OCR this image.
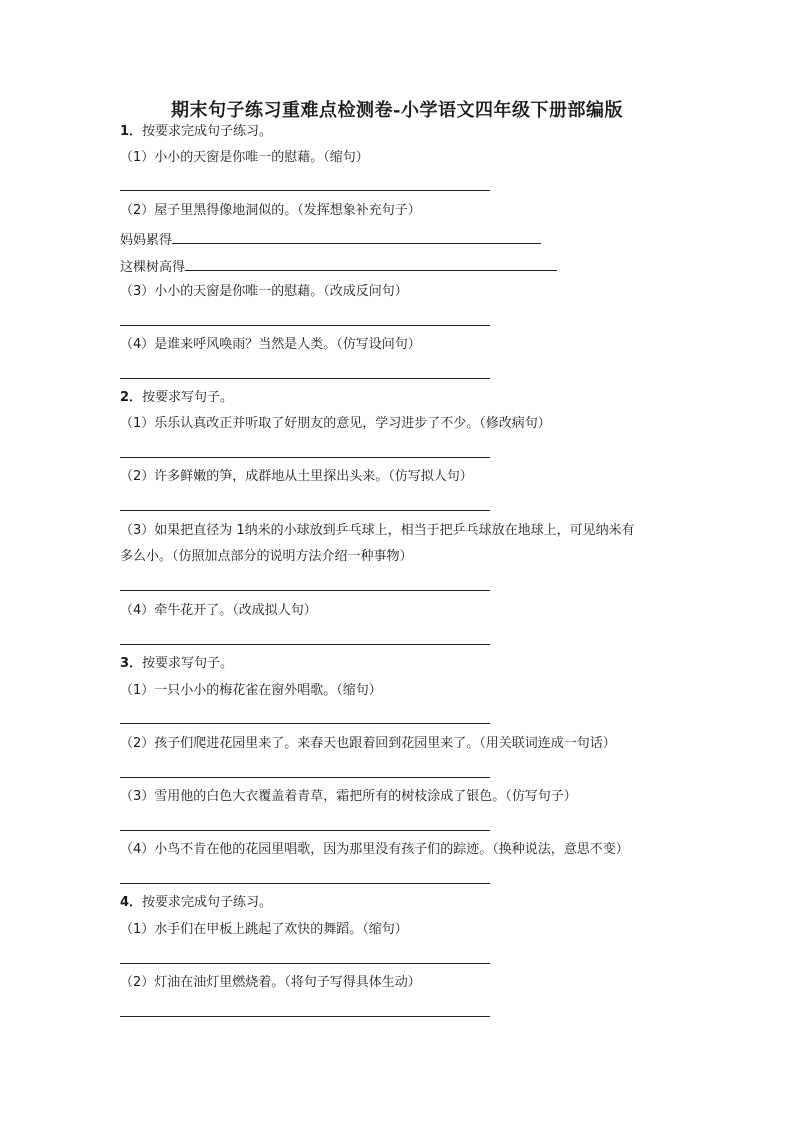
期末句子练习重难点检测卷-小学语文四年级下册部编版
1．按要求完成句子练习。
（1）小小的天窗是你唯一的慰藉。（缩句）
（2）屋子里黑得像地洞似的。（发挥想象补充句子）
妈妈累得
这棵树高得
（3）小小的天窗是你唯一的慰藉。（改成反问句）
（4）是谁来呼风唤雨？当然是人类。（仿写设问句）
2．按要求写句子。
（1）乐乐认真改正并听取了好朋友的意见，学习进步了不少。（修改病句）
（2）许多鲜嫩的笋，成群地从土里探出头来。（仿写拟人句）
（3）如果把直径为 1纳米的小球放到乒乓球上，相当于把乒乓球放在地球上，可见纳米有
多么小。（仿照加点部分的说明方法介绍一种事物）
（4）牵牛花开了。（改成拟人句）
3．按要求写句子。
（1）一只小小的梅花雀在窗外唱歌。（缩句）
（2）孩子们爬进花园里来了。来春天也跟着回到花园里来了。（用关联词连成一句话）
（3）雪用他的白色大衣覆盖着青草，霜把所有的树枝涂成了银色。（仿写句子）
（4）小鸟不肯在他的花园里唱歌，因为那里没有孩子们的踪迹。（换种说法，意思不变）
4．按要求完成句子练习。
（1）水手们在甲板上跳起了欢快的舞蹈。（缩句）
（2）灯油在油灯里燃烧着。（将句子写得具体生动）
